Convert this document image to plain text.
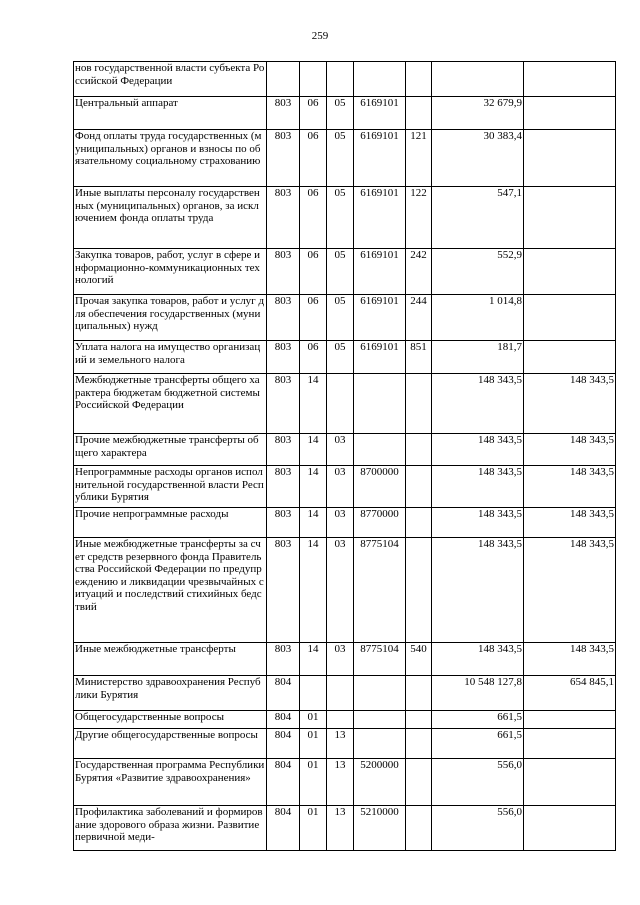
259
нов государственной власти субъекта Российской Федерации							
Центральный аппарат	803	06	05	6169101		32 679,9	
Фонд оплаты труда государственных (муниципальных) органов и взносы по обязательному социальному страхованию	803	06	05	6169101	121	30 383,4	
Иные выплаты персоналу государственных (муниципальных) органов, за исключением фонда оплаты труда	803	06	05	6169101	122	547,1	
Закупка товаров, работ, услуг в сфере информационно-коммуникационных технологий	803	06	05	6169101	242	552,9	
Прочая закупка товаров, работ и услуг для обеспечения государственных (муниципальных) нужд	803	06	05	6169101	244	1 014,8	
Уплата налога на имущество организаций и земельного налога	803	06	05	6169101	851	181,7	
Межбюджетные трансферты общего характера бюджетам бюджетной системы Российской Федерации	803	14				148 343,5	148 343,5
Прочие межбюджетные трансферты общего характера	803	14	03			148 343,5	148 343,5
Непрограммные расходы органов исполнительной государственной власти Республики Бурятия	803	14	03	8700000		148 343,5	148 343,5
Прочие непрограммные расходы	803	14	03	8770000		148 343,5	148 343,5
Иные межбюджетные трансферты за счет средств резервного фонда Правительства Российской Федерации по предупреждению и ликвидации чрезвычайных ситуаций и последствий стихийных бедствий	803	14	03	8775104		148 343,5	148 343,5
Иные межбюджетные трансферты	803	14	03	8775104	540	148 343,5	148 343,5
Министерство здравоохранения Республики Бурятия	804					10 548 127,8	654 845,1
Общегосударственные вопросы	804	01				661,5	
Другие общегосударственные вопросы	804	01	13			661,5	
Государственная программа Республики Бурятия «Развитие здравоохранения»	804	01	13	5200000		556,0	
Профилактика заболеваний и формирование здорового образа жизни. Развитие первичной меди-	804	01	13	5210000		556,0	
